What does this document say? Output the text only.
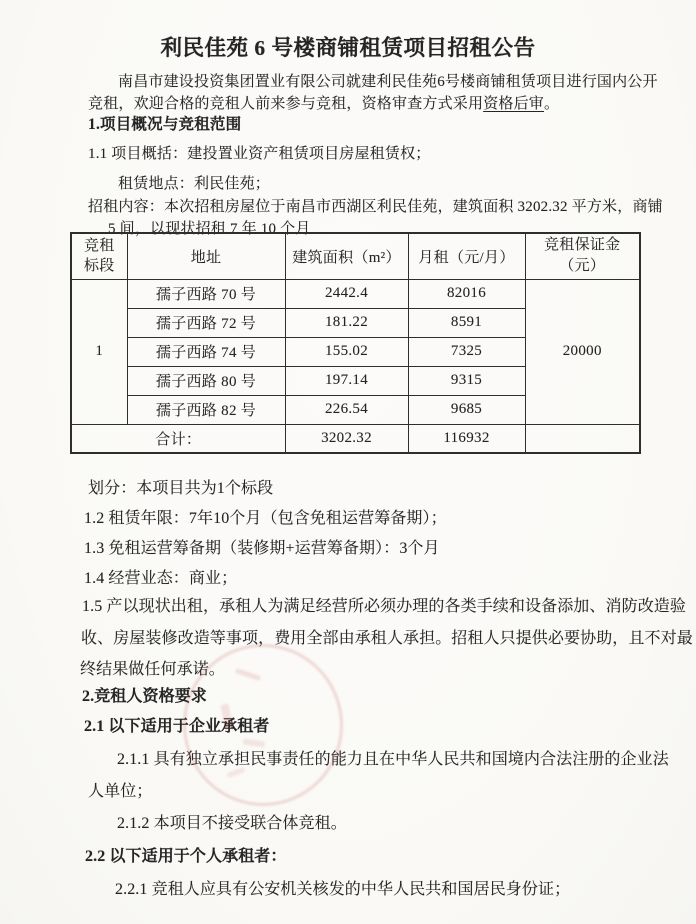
利民佳苑 6 号楼商铺租赁项目招租公告
南昌市建设投资集团置业有限公司就建利民佳苑6号楼商铺租赁项目进行国内公开
竞租，欢迎合格的竞租人前来参与竞租，资格审查方式采用资格后审。
1.项目概况与竞租范围
1.1 项目概括：建投置业资产租赁项目房屋租赁权；
租赁地点：利民佳苑；
招租内容：本次招租房屋位于南昌市西湖区利民佳苑，建筑面积 3202.32 平方米，商铺
5 间，以现状招租 7 年 10 个月
竞租标段	地址	建筑面积（m²）	月租（元/月）	竞租保证金（元）
1	孺子西路 70 号	2442.4	82016	20000
	孺子西路 72 号	181.22	8591	
	孺子西路 74 号	155.02	7325	
	孺子西路 80 号	197.14	9315	
	孺子西路 82 号	226.54	9685	
合计：		3202.32	116932	
划分：本项目共为1个标段
1.2 租赁年限：7年10个月（包含免租运营筹备期）；
1.3 免租运营筹备期（装修期+运营筹备期）：3个月
1.4 经营业态：商业；
1.5 产以现状出租，承租人为满足经营所必须办理的各类手续和设备添加、消防改造验
收、房屋装修改造等事项，费用全部由承租人承担。招租人只提供必要协助，且不对最
终结果做任何承诺。
2.竞租人资格要求
2.1 以下适用于企业承租者
2.1.1 具有独立承担民事责任的能力且在中华人民共和国境内合法注册的企业法
人单位；
2.1.2 本项目不接受联合体竞租。
2.2 以下适用于个人承租者：
2.2.1 竞租人应具有公安机关核发的中华人民共和国居民身份证；
